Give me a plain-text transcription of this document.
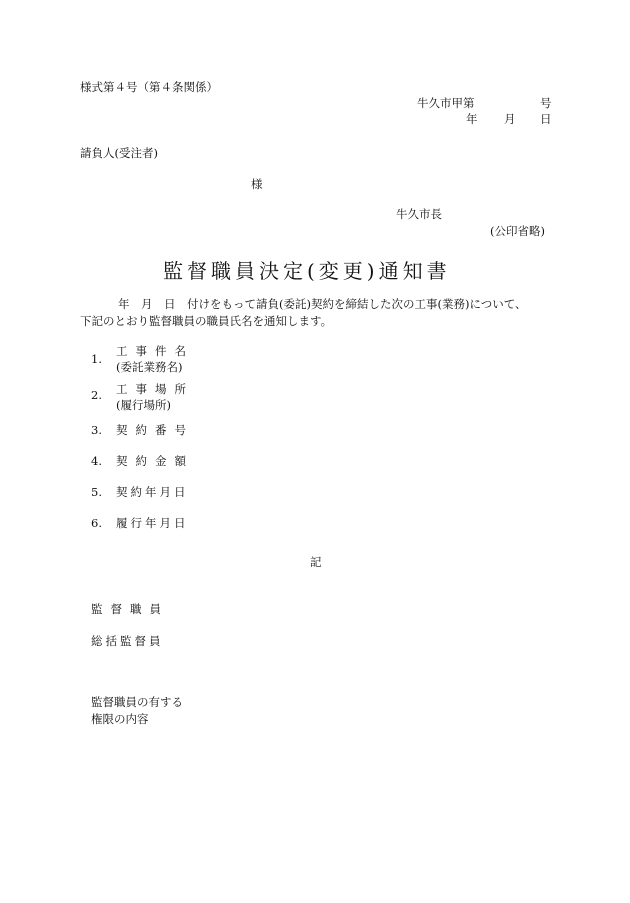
様式第４号（第４条関係）
牛久市甲第	号
年 月 日
請負人(受注者)
様
牛久市長
(公印省略)
監督職員決定(変更)通知書
年　月　日　付けをもって請負(委託)契約を締結した次の工事(業務)について、
下記のとおり監督職員の職員氏名を通知します。
1.
工事件名
(委託業務名)
2. 工事場所
(履行場所)
3. 契約番号
4. 契約金額
5. 契約年月日
6. 履行年月日
記
監督職員
総括監督員
監督職員の有する
権限の内容
